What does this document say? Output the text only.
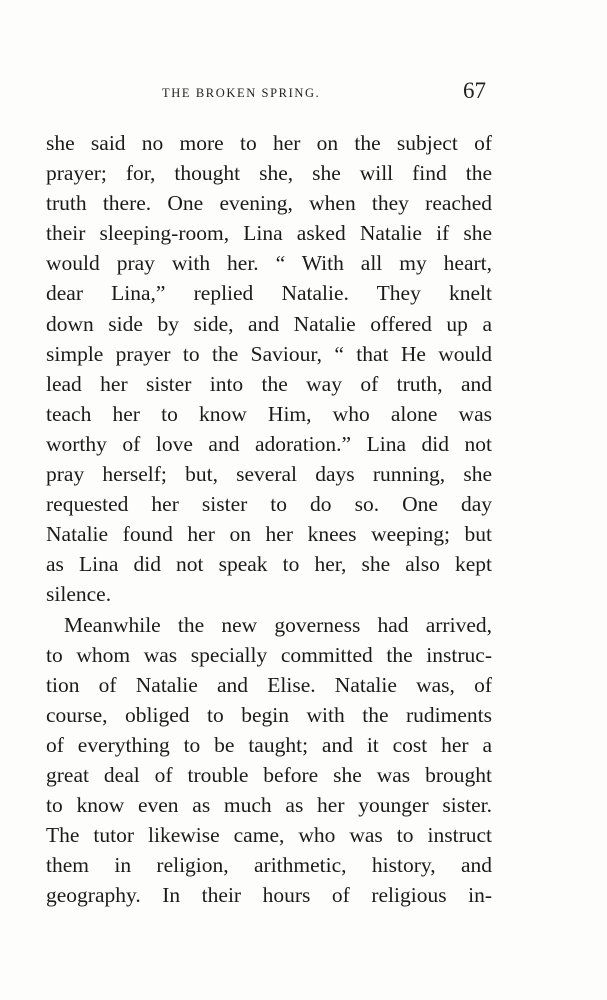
THE BROKEN SPRING.	67
she said no more to her on the subject of
prayer; for, thought she, she will find the
truth there. One evening, when they reached
their sleeping-room, Lina asked Natalie if she
would pray with her. “ With all my heart,
dear Lina,” replied Natalie. They knelt
down side by side, and Natalie offered up a
simple prayer to the Saviour, “ that He would
lead her sister into the way of truth, and
teach her to know Him, who alone was
worthy of love and adoration.” Lina did not
pray herself; but, several days running, she
requested her sister to do so. One day
Natalie found her on her knees weeping; but
as Lina did not speak to her, she also kept
silence.
Meanwhile the new governess had arrived,
to whom was specially committed the instruc-
tion of Natalie and Elise. Natalie was, of
course, obliged to begin with the rudiments
of everything to be taught; and it cost her a
great deal of trouble before she was brought
to know even as much as her younger sister.
The tutor likewise came, who was to instruct
them in religion, arithmetic, history, and
geography. In their hours of religious in-
